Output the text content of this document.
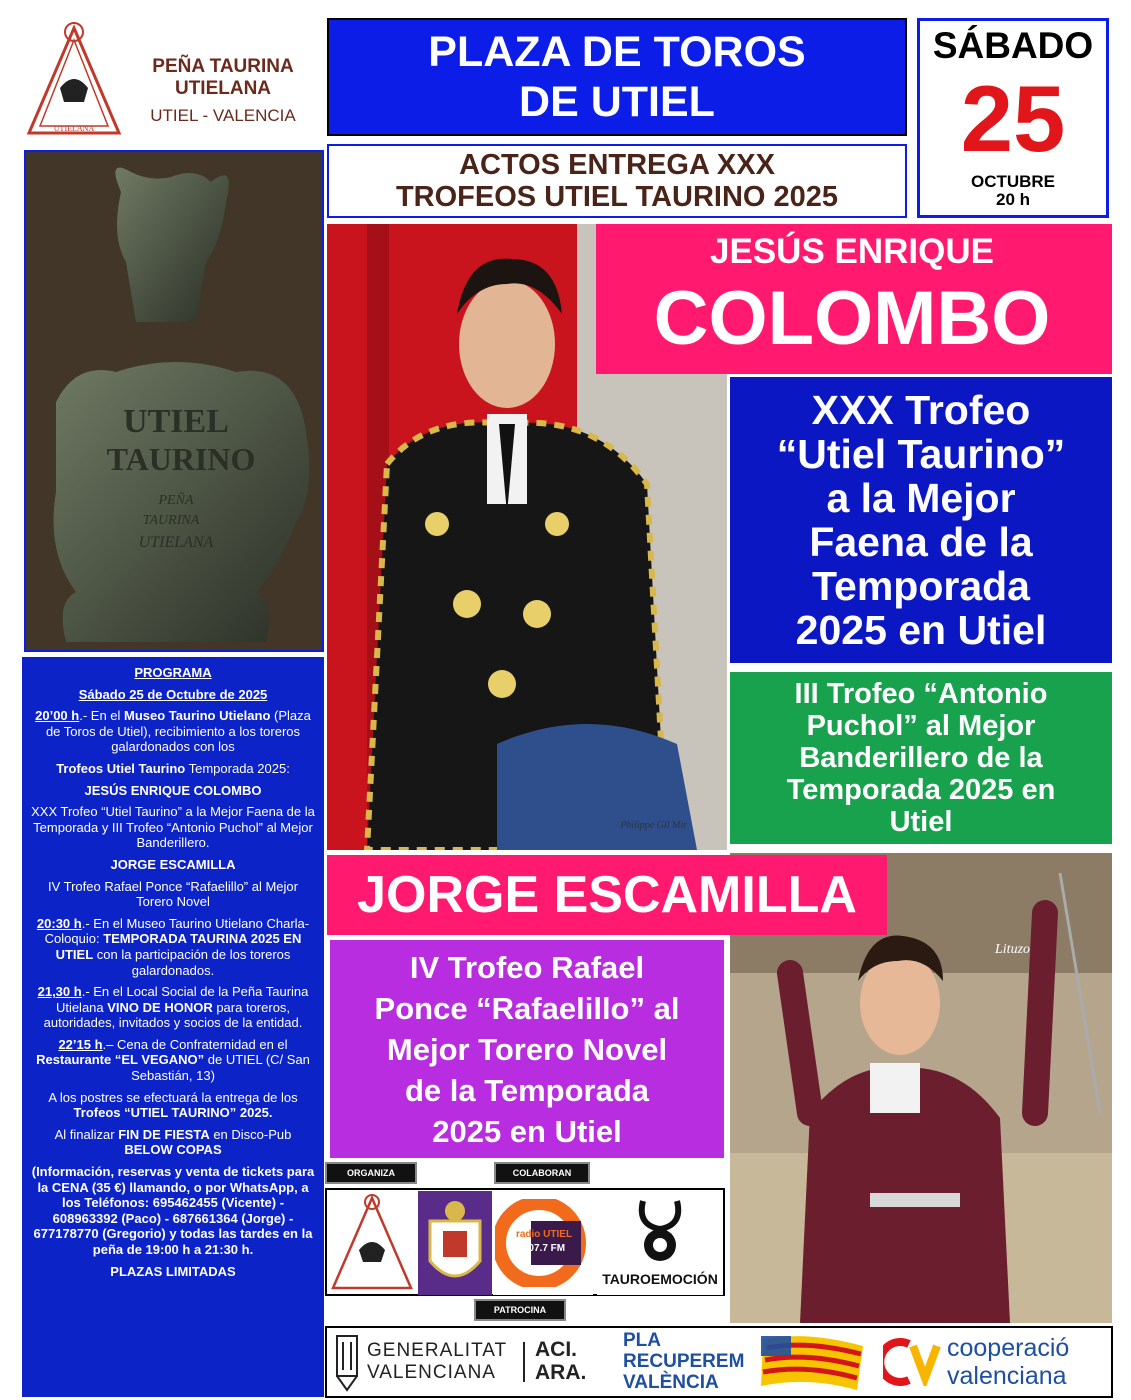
UTIELANA
PEÑA TAURINA
UTIELANA
UTIEL - VALENCIA
PLAZA DE TOROS
DE UTIEL
ACTOS ENTREGA XXX
TROFEOS UTIEL TAURINO 2025
SÁBADO
25
OCTUBRE
20 h
UTIEL
TAURINO
PEÑA
TAURINA
UTIELANA

PROGRAMA

Sábado 25 de Octubre de 2025

20’00 h.- En el Museo Taurino Utielano (Plaza de Toros de Utiel), recibimiento a los toreros galardonados con los

Trofeos Utiel Taurino Temporada 2025:

JESÚS ENRIQUE COLOMBO

XXX Trofeo “Utiel Taurino” a la Mejor Faena de la Temporada y III Trofeo “Antonio Puchol” al Mejor Banderillero.

JORGE ESCAMILLA

IV Trofeo Rafael Ponce “Rafaelillo” al Mejor Torero Novel

20:30 h.- En el Museo Taurino Utielano Charla-Coloquio: TEMPORADA TAURINA 2025 EN UTIEL con la participación de los toreros galardonados.

21,30 h.- En el Local Social de la Peña Taurina Utielana VINO DE HONOR para toreros, autoridades, invitados y socios de la entidad.

22’15 h.– Cena de Confraternidad en el Restaurante “EL VEGANO” de UTIEL (C/ San Sebastián, 13)

A los postres se efectuará la entrega de los Trofeos “UTIEL TAURINO” 2025.

Al finalizar FIN DE FIESTA en Disco-Pub BELOW COPAS

(Información, reservas y venta de tickets para la CENA (35 €) llamando, o por WhatsApp, a los Teléfonos: 695462455 (Vicente) - 608963392 (Paco) - 687661364 (Jorge) - 677178770 (Gregorio) y todas las tardes en la peña de 19:00 h a 21:30 h.

PLAZAS LIMITADAS

Philippe Gil Mir
JESÚS ENRIQUE
COLOMBO
XXX Trofeo
“Utiel Taurino”
a la Mejor
Faena de la
Temporada
2025 en Utiel
III Trofeo “Antonio
Puchol” al Mejor
Banderillero de la
Temporada 2025 en
Utiel
Lituzo
JORGE ESCAMILLA
IV Trofeo Rafael
Ponce “Rafaelillo” al
Mejor Torero Novel
de la Temporada
2025 en Utiel
ORGANIZA	COLABORAN
PATROCINA
radio UTIEL
107.7 FM
TAUROEMOCIÓN
GENERALITAT
VALENCIANA
ACI.
ARA.
PLA
RECUPEREM
VALÈNCIA
cooperació
valenciana
